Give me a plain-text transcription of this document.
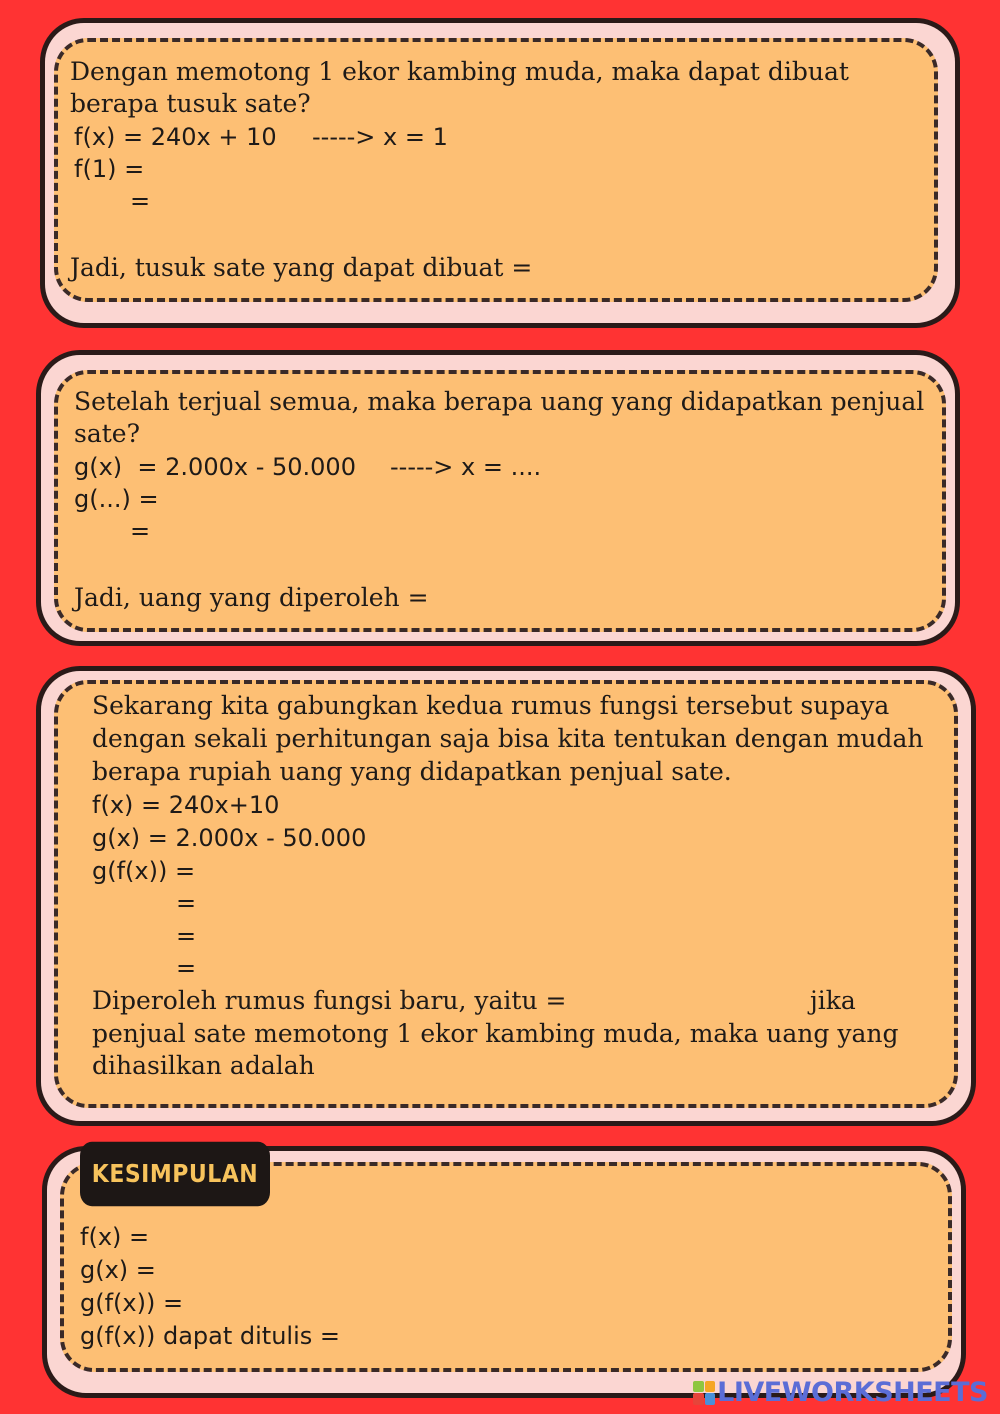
Dengan memotong 1 ekor kambing muda, maka dapat dibuat
berapa tusuk sate?
f(x) = 240x + 10 -----> x = 1
f(1) =
=
Jadi, tusuk sate yang dapat dibuat =
Setelah terjual semua, maka berapa uang yang didapatkan penjual
sate?
g(x)  = 2.000x - 50.000 -----> x = ....
g(...) =
=
Jadi, uang yang diperoleh =
Sekarang kita gabungkan kedua rumus fungsi tersebut supaya
dengan sekali perhitungan saja bisa kita tentukan dengan mudah
berapa rupiah uang yang didapatkan penjual sate.
f(x) = 240x+10
g(x) = 2.000x - 50.000
g(f(x)) =
=
=
=
Diperoleh rumus fungsi baru, yaitu =	jika
penjual sate memotong 1 ekor kambing muda, maka uang yang
dihasilkan adalah
KESIMPULAN
f(x) =
g(x) =
g(f(x)) =
g(f(x)) dapat ditulis =
LIVEWORKSHEETS
